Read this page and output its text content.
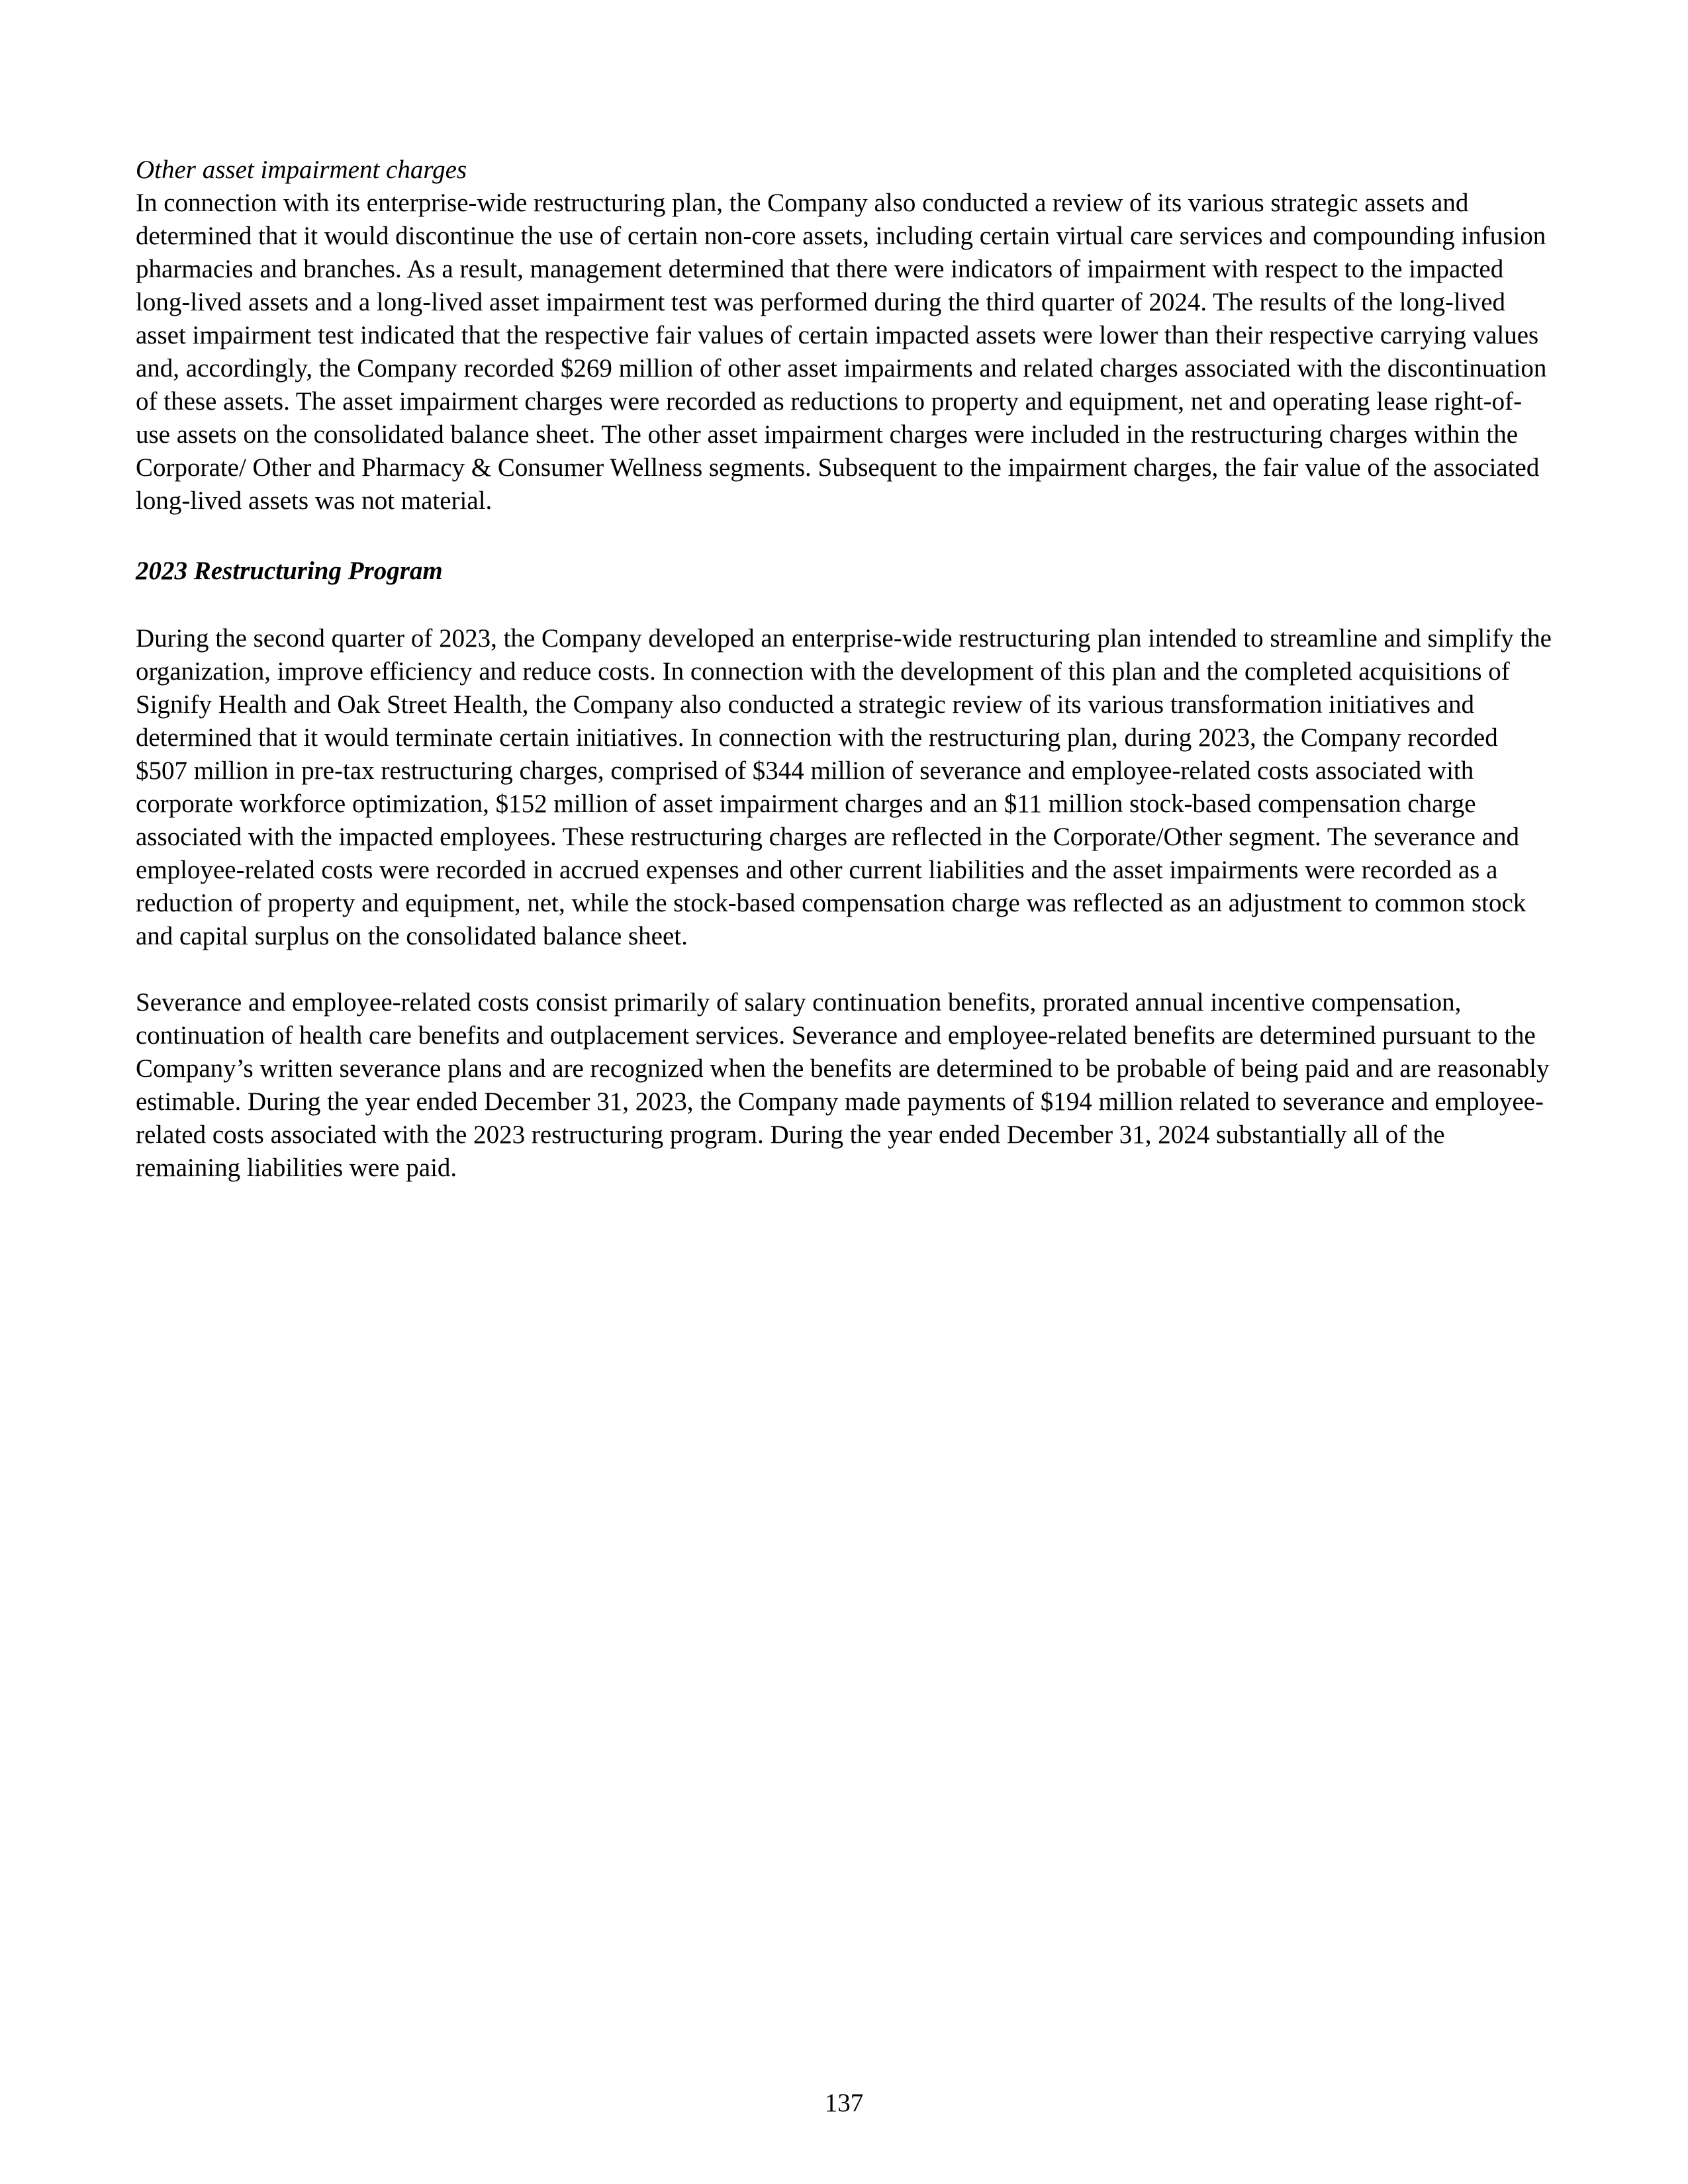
Other asset impairment charges

In connection with its enterprise-wide restructuring plan, the Company also conducted a review of its various strategic assets and determined that it would discontinue the use of certain non-core assets, including certain virtual care services and compounding infusion pharmacies and branches. As a result, management determined that there were indicators of impairment with respect to the impacted long-lived assets and a long-lived asset impairment test was performed during the third quarter of 2024. The results of the long-lived asset impairment test indicated that the respective fair values of certain impacted assets were lower than their respective carrying values and, accordingly, the Company recorded $269 million of other asset impairments and related charges associated with the discontinuation of these assets. The asset impairment charges were recorded as reductions to property and equipment, net and operating lease right-of-use assets on the consolidated balance sheet. The other asset impairment charges were included in the restructuring charges within the Corporate/ Other and Pharmacy & Consumer Wellness segments. Subsequent to the impairment charges, the fair value of the associated long-lived assets was not material.

2023 Restructuring Program

During the second quarter of 2023, the Company developed an enterprise-wide restructuring plan intended to streamline and simplify the organization, improve efficiency and reduce costs. In connection with the development of this plan and the completed acquisitions of Signify Health and Oak Street Health, the Company also conducted a strategic review of its various transformation initiatives and determined that it would terminate certain initiatives. In connection with the restructuring plan, during 2023, the Company recorded $507 million in pre-tax restructuring charges, comprised of $344 million of severance and employee-related costs associated with corporate workforce optimization, $152 million of asset impairment charges and an $11 million stock-based compensation charge associated with the impacted employees. These restructuring charges are reflected in the Corporate/Other segment. The severance and employee-related costs were recorded in accrued expenses and other current liabilities and the asset impairments were recorded as a reduction of property and equipment, net, while the stock-based compensation charge was reflected as an adjustment to common stock and capital surplus on the consolidated balance sheet.

Severance and employee-related costs consist primarily of salary continuation benefits, prorated annual incentive compensation, continuation of health care benefits and outplacement services. Severance and employee-related benefits are determined pursuant to the Company’s written severance plans and are recognized when the benefits are determined to be probable of being paid and are reasonably estimable. During the year ended December 31, 2023, the Company made payments of $194 million related to severance and employee-related costs associated with the 2023 restructuring program. During the year ended December 31, 2024 substantially all of the remaining liabilities were paid.

137
